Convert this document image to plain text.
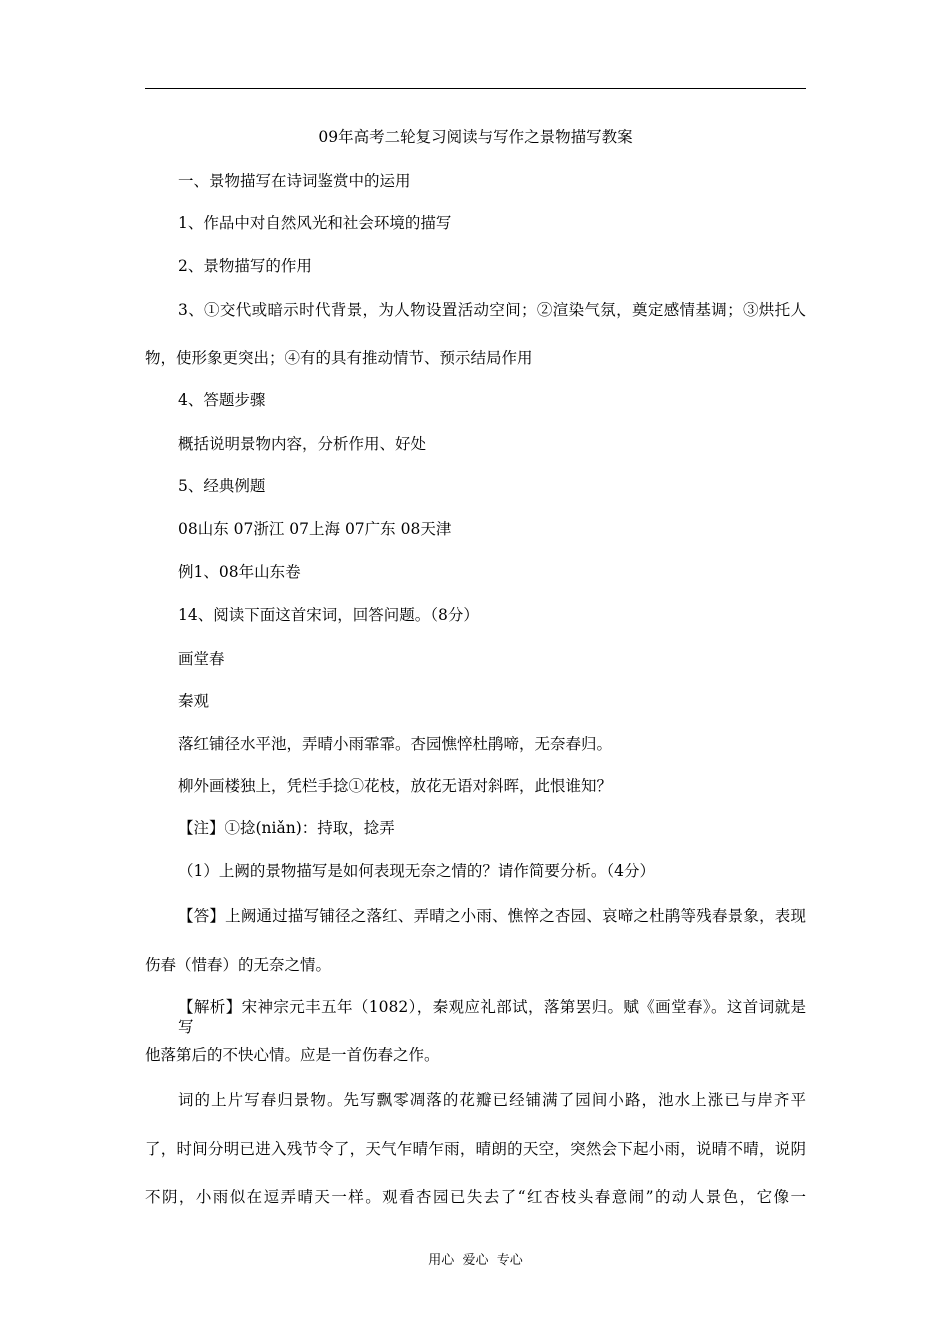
09年高考二轮复习阅读与写作之景物描写教案
一、景物描写在诗词鉴赏中的运用
1、作品中对自然风光和社会环境的描写
2、景物描写的作用
3、①交代或暗示时代背景，为人物设置活动空间；②渲染气氛，奠定感情基调；③烘托人
物，使形象更突出；④有的具有推动情节、预示结局作用
4、答题步骤
概括说明景物内容，分析作用、好处
5、经典例题
08山东 07浙江 07上海 07广东 08天津
例1、08年山东卷
14、阅读下面这首宋词，回答问题。（8分）
画堂春
秦观
落红铺径水平池，弄晴小雨霏霏。杏园憔悴杜鹃啼，无奈春归。
柳外画楼独上，凭栏手捻①花枝，放花无语对斜晖，此恨谁知？
【注】①捻(niǎn)：持取，捻弄
（1）上阙的景物描写是如何表现无奈之情的？请作简要分析。（4分）
【答】上阙通过描写铺径之落红、弄晴之小雨、憔悴之杏园、哀啼之杜鹃等残春景象，表现
伤春（惜春）的无奈之情。
【解析】宋神宗元丰五年（1082），秦观应礼部试，落第罢归。赋《画堂春》。这首词就是写
他落第后的不快心情。应是一首伤春之作。
词的上片写春归景物。先写飘零凋落的花瓣已经铺满了园间小路，池水上涨已与岸齐平
了，时间分明已进入残节令了，天气乍晴乍雨，晴朗的天空，突然会下起小雨，说晴不晴，说阴
不阴，小雨似在逗弄晴天一样。观看杏园已失去了“红杏枝头春意闹”的动人景色，它像一
用心  爱心  专心
